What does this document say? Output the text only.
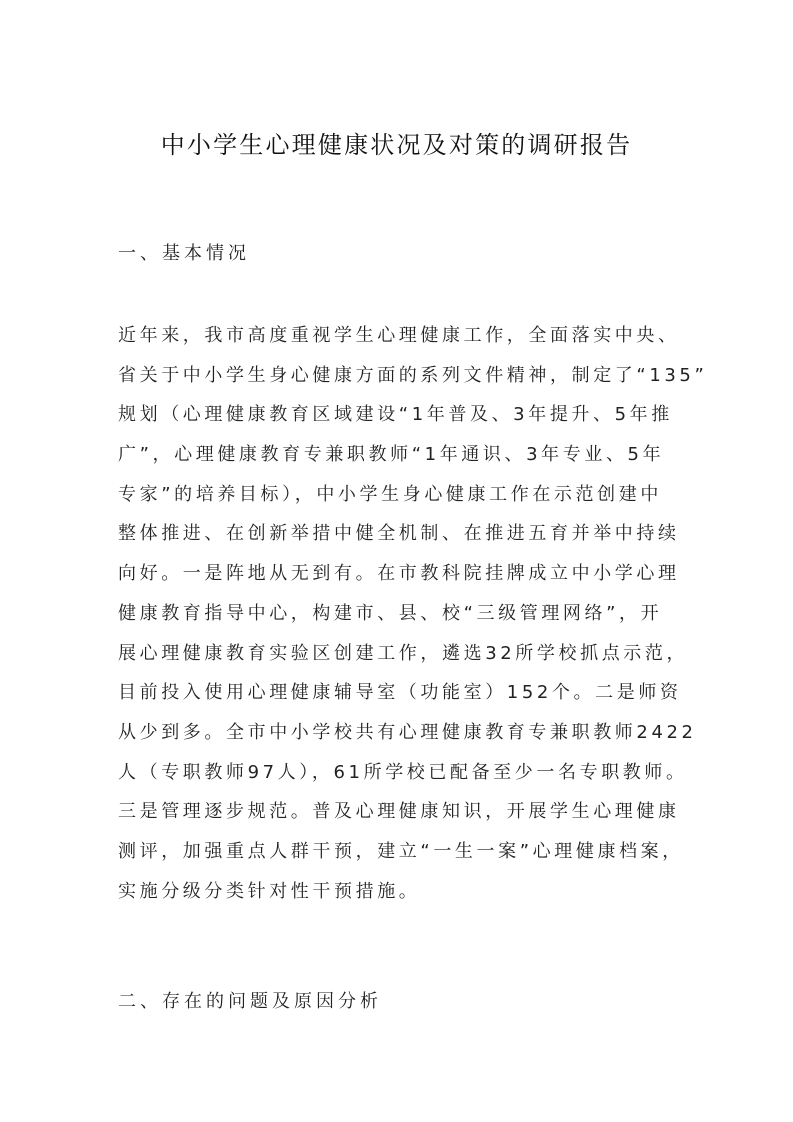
中小学生心理健康状况及对策的调研报告
一、基本情况
近年来，我市高度重视学生心理健康工作，全面落实中央、
省关于中小学生身心健康方面的系列文件精神，制定了“135”
规划（心理健康教育区域建设“1年普及、3年提升、5年推
广”，心理健康教育专兼职教师“1年通识、3年专业、5年
专家”的培养目标），中小学生身心健康工作在示范创建中
整体推进、在创新举措中健全机制、在推进五育并举中持续
向好。一是阵地从无到有。在市教科院挂牌成立中小学心理
健康教育指导中心，构建市、县、校“三级管理网络”，开
展心理健康教育实验区创建工作，遴选32所学校抓点示范，
目前投入使用心理健康辅导室（功能室）152个。二是师资
从少到多。全市中小学校共有心理健康教育专兼职教师2422
人（专职教师97人），61所学校已配备至少一名专职教师。
三是管理逐步规范。普及心理健康知识，开展学生心理健康
测评，加强重点人群干预，建立“一生一案”心理健康档案，
实施分级分类针对性干预措施。
二、存在的问题及原因分析
